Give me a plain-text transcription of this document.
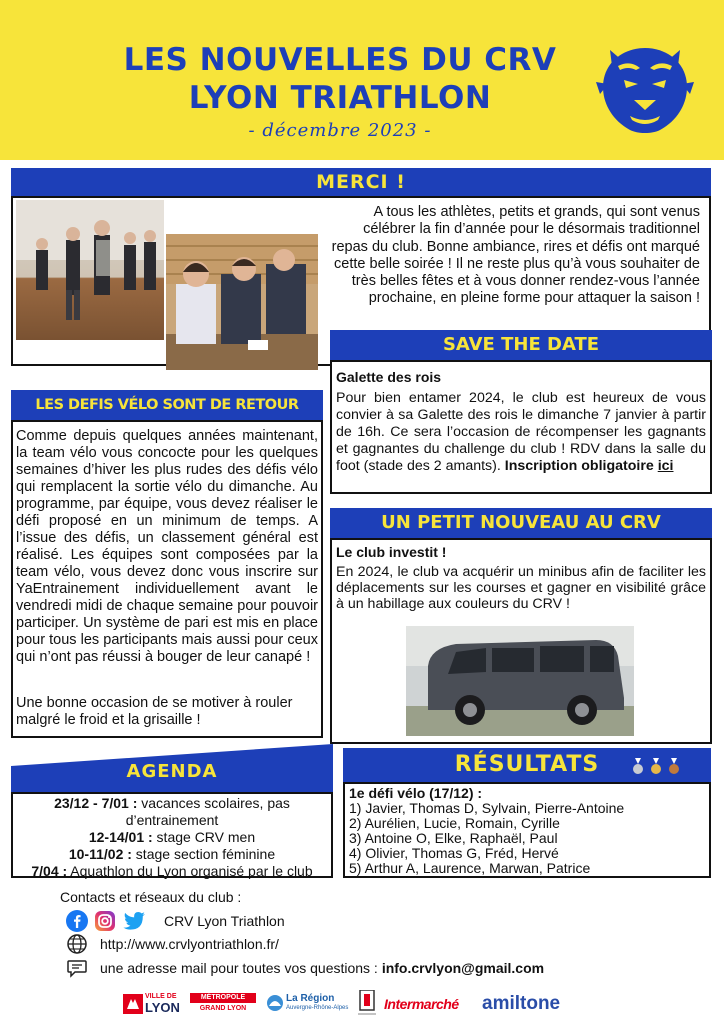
LES NOUVELLES DU CRV
LYON TRIATHLON
- décembre 2023 -
MERCI !
A tous les athlètes, petits et grands, qui sont venus célébrer la fin d’année pour le désormais traditionnel repas du club. Bonne ambiance, rires et défis ont marqué cette belle soirée ! Il ne reste plus qu’à vous souhaiter de très belles fêtes et à vous donner rendez-vous l’année prochaine, en pleine forme pour attaquer la saison !
SAVE THE DATE
Galette des rois
Pour bien entamer 2024, le club est heureux de vous convier à sa Galette des rois le dimanche 7 janvier à partir de 16h. Ce sera l’occasion de récompenser les gagnants et gagnantes du challenge du club ! RDV dans la salle du foot (stade des 2 amants). Inscription obligatoire ici
LES DEFIS VÉLO SONT DE RETOUR
Comme depuis quelques années maintenant, la team vélo vous concocte pour les quelques semaines d’hiver les plus rudes des défis vélo qui remplacent la sortie vélo du dimanche. Au programme, par équipe, vous devez réaliser le défi proposé en un minimum de temps. A l’issue des défis, un classement général est réalisé. Les équipes sont composées par la team vélo, vous devez donc vous inscrire sur YaEntrainement individuellement avant le vendredi midi de chaque semaine pour pouvoir participer. Un système de pari est mis en place pour tous les participants mais aussi pour ceux qui n’ont pas réussi à bouger de leur canapé !
Une bonne occasion de se motiver à rouler malgré le froid et la grisaille !
UN PETIT NOUVEAU AU CRV
Le club investit !
En 2024, le club va acquérir un minibus afin de faciliter les déplacements sur les courses et gagner en visibilité grâce à un habillage aux couleurs du CRV !
AGENDA
23/12 - 7/01 : vacances scolaires, pas d’entrainement
12-14/01 : stage CRV men
10-11/02 : stage section féminine
7/04 : Aquathlon du Lyon organisé par le club
RÉSULTATS
1e défi vélo (17/12) :
1) Javier, Thomas D, Sylvain, Pierre-Antoine
2) Aurélien, Lucie, Romain, Cyrille
3) Antoine O, Elke, Raphaël, Paul
4) Olivier, Thomas G, Fréd, Hervé
5) Arthur A, Laurence, Marwan, Patrice
Contacts et réseaux du club :
CRV Lyon Triathlon
http://www.crvlyontriathlon.fr/
une adresse mail pour toutes vos questions : info.crvlyon@gmail.com
VILLE DE
LYON
MÉTROPOLE
GRAND LYON
La Région
Auvergne-Rhône-Alpes	Intermarché amiltone
